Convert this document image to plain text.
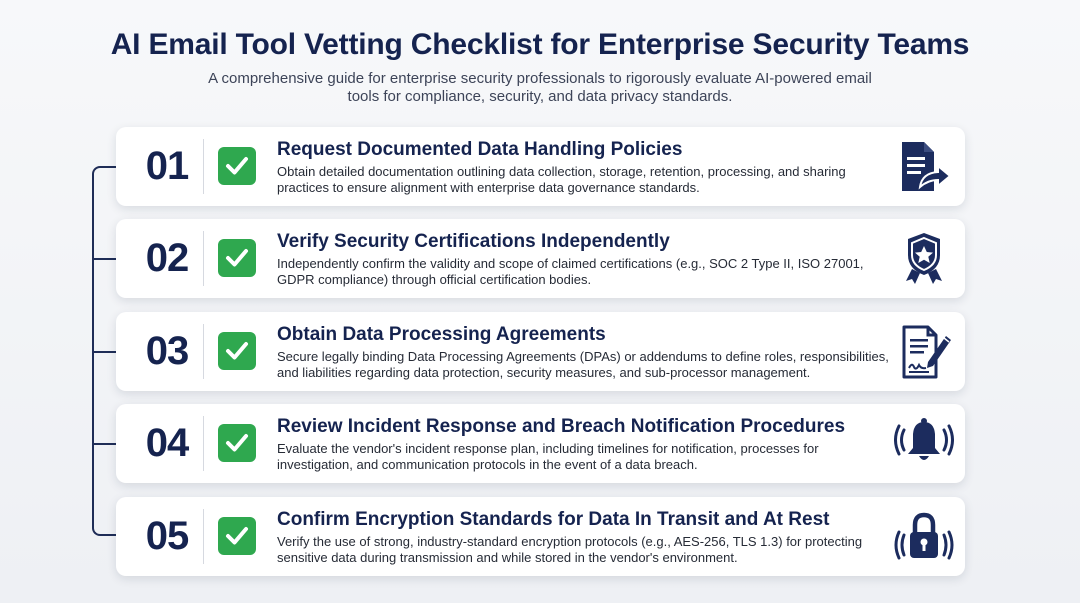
AI Email Tool Vetting Checklist for Enterprise Security Teams
A comprehensive guide for enterprise security professionals to rigorously evaluate AI-powered email tools for compliance, security, and data privacy standards.
01	Request Documented Data Handling Policies
Obtain detailed documentation outlining data collection, storage, retention, processing, and sharing practices to ensure alignment with enterprise data governance standards.
02	Verify Security Certifications Independently
Independently confirm the validity and scope of claimed certifications (e.g., SOC 2 Type II, ISO 27001, GDPR compliance) through official certification bodies.
03	Obtain Data Processing Agreements
Secure legally binding Data Processing Agreements (DPAs) or addendums to define roles, responsibilities, and liabilities regarding data protection, security measures, and sub-processor management.
04	Review Incident Response and Breach Notification Procedures
Evaluate the vendor's incident response plan, including timelines for notification, processes for investigation, and communication protocols in the event of a data breach.
05	Confirm Encryption Standards for Data In Transit and At Rest
Verify the use of strong, industry-standard encryption protocols (e.g., AES-256, TLS 1.3) for protecting sensitive data during transmission and while stored in the vendor's environment.
